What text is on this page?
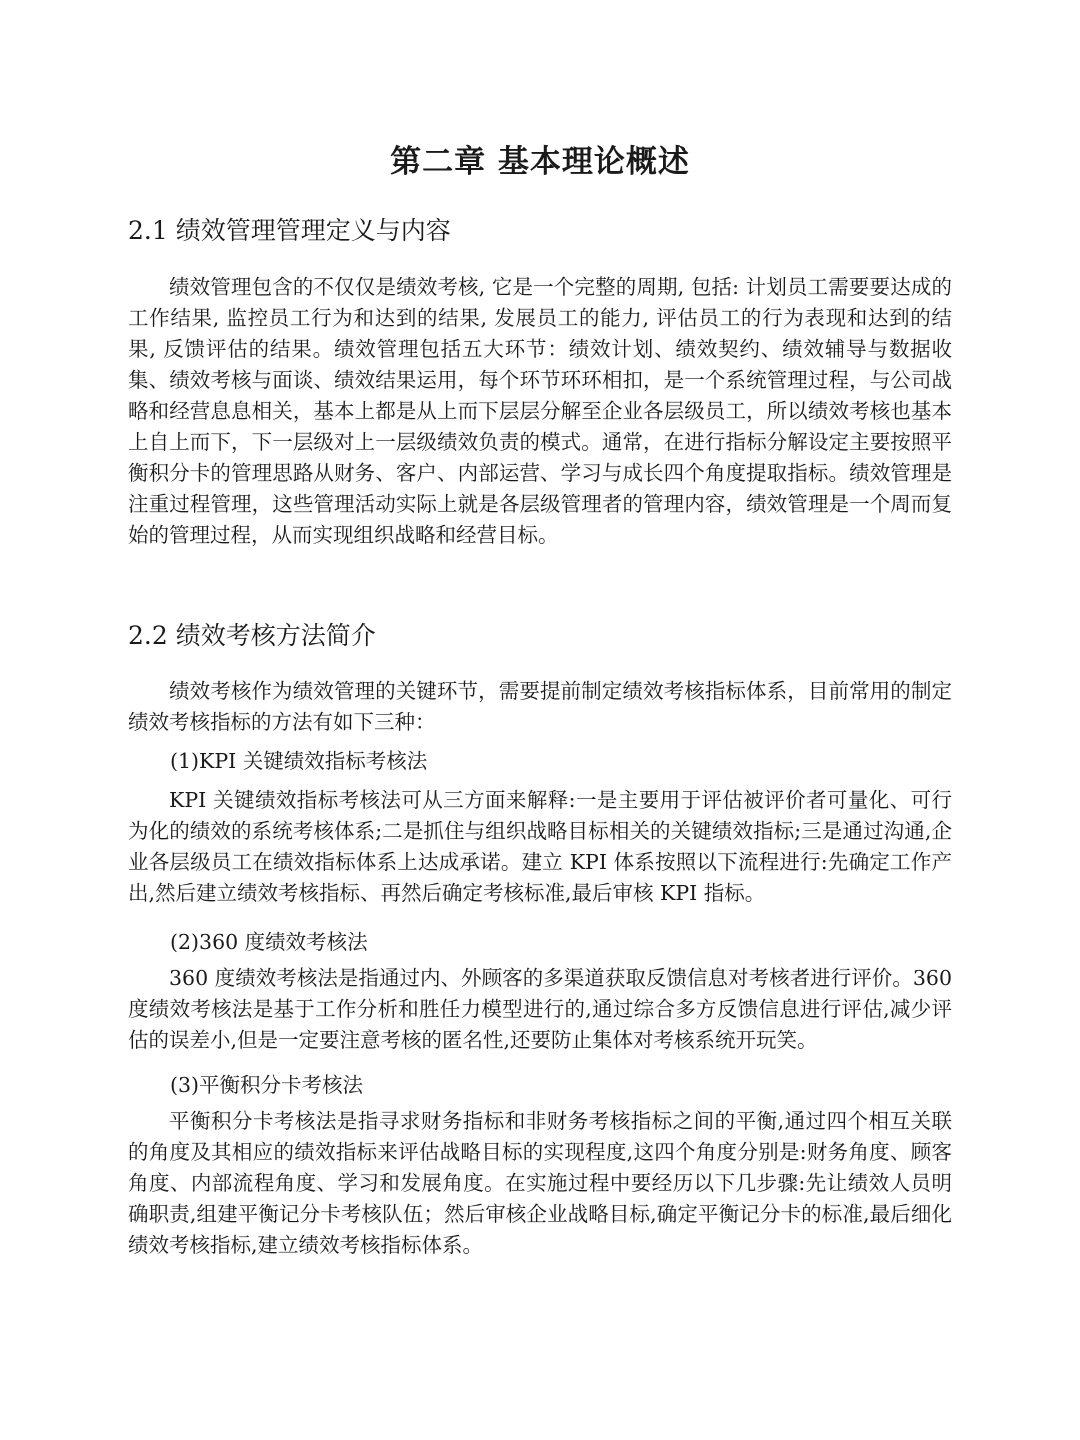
第二章 基本理论概述
2.1 绩效管理管理定义与内容

绩效管理包含的不仅仅是绩效考核, 它是一个完整的周期, 包括: 计划员工需要要达成的工作结果, 监控员工行为和达到的结果, 发展员工的能力, 评估员工的行为表现和达到的结果, 反馈评估的结果。绩效管理包括五大环节：绩效计划、绩效契约、绩效辅导与数据收集、绩效考核与面谈、绩效结果运用，每个环节环环相扣，是一个系统管理过程，与公司战略和经营息息相关，基本上都是从上而下层层分解至企业各层级员工，所以绩效考核也基本上自上而下，下一层级对上一层级绩效负责的模式。通常，在进行指标分解设定主要按照平衡积分卡的管理思路从财务、客户、内部运营、学习与成长四个角度提取指标。绩效管理是注重过程管理，这些管理活动实际上就是各层级管理者的管理内容，绩效管理是一个周而复始的管理过程，从而实现组织战略和经营目标。

2.2 绩效考核方法简介

绩效考核作为绩效管理的关键环节，需要提前制定绩效考核指标体系，目前常用的制定绩效考核指标的方法有如下三种：

(1)KPI 关键绩效指标考核法

KPI 关键绩效指标考核法可从三方面来解释:一是主要用于评估被评价者可量化、可行为化的绩效的系统考核体系;二是抓住与组织战略目标相关的关键绩效指标;三是通过沟通,企业各层级员工在绩效指标体系上达成承诺。建立 KPI 体系按照以下流程进行:先确定工作产出,然后建立绩效考核指标、再然后确定考核标准,最后审核 KPI 指标。

(2)360 度绩效考核法

360 度绩效考核法是指通过内、外顾客的多渠道获取反馈信息对考核者进行评价。360 度绩效考核法是基于工作分析和胜任力模型进行的,通过综合多方反馈信息进行评估,减少评估的误差小,但是一定要注意考核的匿名性,还要防止集体对考核系统开玩笑。

(3)平衡积分卡考核法

平衡积分卡考核法是指寻求财务指标和非财务考核指标之间的平衡,通过四个相互关联的角度及其相应的绩效指标来评估战略目标的实现程度,这四个角度分别是:财务角度、顾客角度、内部流程角度、学习和发展角度。在实施过程中要经历以下几步骤:先让绩效人员明确职责,组建平衡记分卡考核队伍；然后审核企业战略目标,确定平衡记分卡的标准,最后细化绩效考核指标,建立绩效考核指标体系。
